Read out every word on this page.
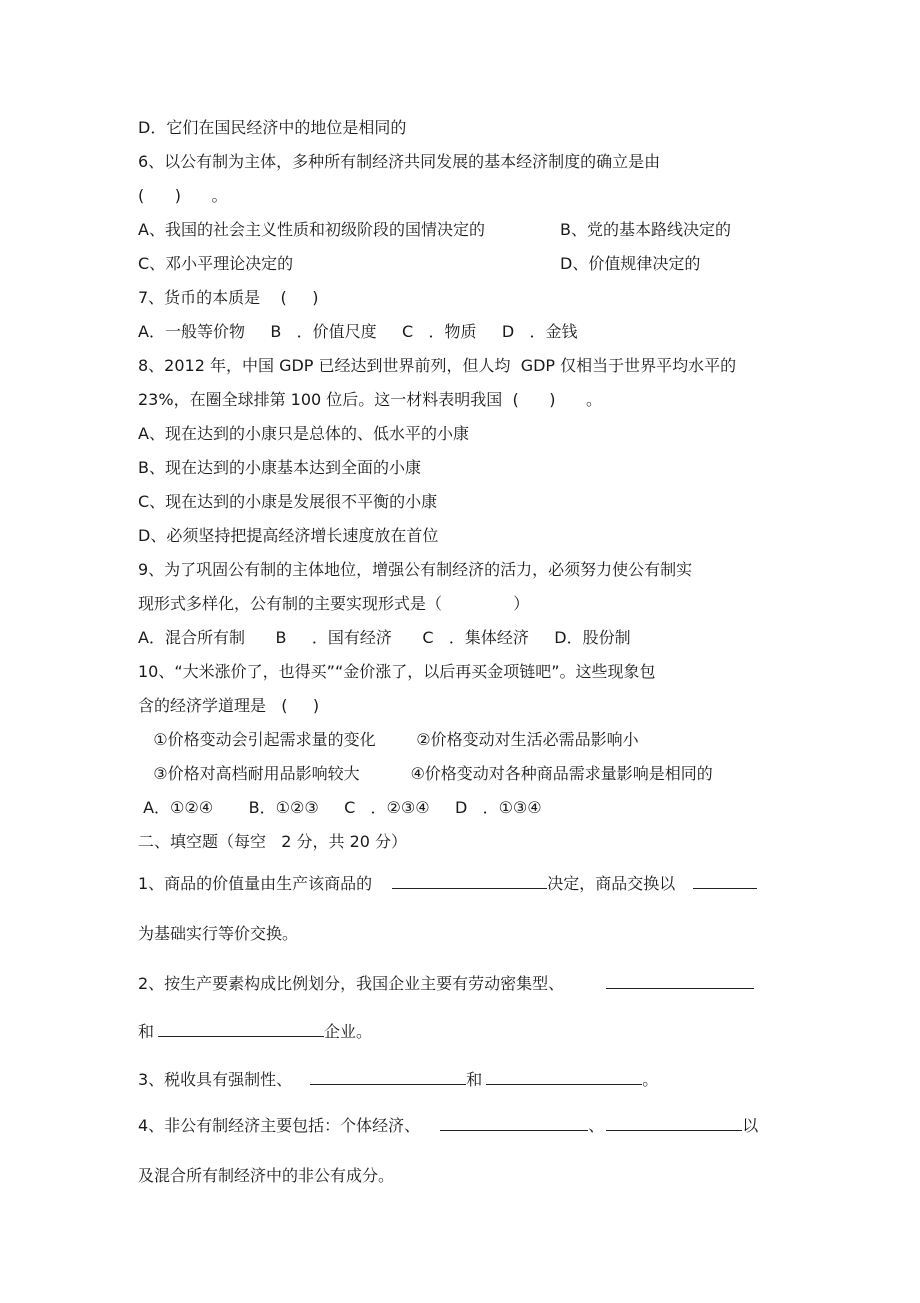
D．它们在国民经济中的地位是相同的
6、以公有制为主体，多种所有制经济共同发展的基本经济制度的确立是由
(      )      。
A、我国的社会主义性质和初级阶段的国情决定的	B、党的基本路线决定的
C、邓小平理论决定的	D、价值规律决定的
7、货币的本质是    (     )
A．一般等价物     B   ．价值尺度     C   ．物质     D   ．金钱
8、2012 年，中国 GDP 已经达到世界前列，但人均  GDP 仅相当于世界平均水平的
23%，在圈全球排第 100 位后。这一材料表明我国  (      )      。
A、现在达到的小康只是总体的、低水平的小康
B、现在达到的小康基本达到全面的小康
C、现在达到的小康是发展很不平衡的小康
D、必须坚持把提高经济增长速度放在首位
9、为了巩固公有制的主体地位，增强公有制经济的活力，必须努力使公有制实
现形式多样化，公有制的主要实现形式是（              ）
A．混合所有制      B     ．国有经济      C   ．集体经济     D．股份制
10、“大米涨价了，也得买”“金价涨了，以后再买金项链吧”。这些现象包
含的经济学道理是   (     )
①价格变动会引起需求量的变化        ②价格变动对生活必需品影响小
③价格对高档耐用品影响较大          ④价格变动对各种商品需求量影响是相同的
A．①②④       B．①②③     C   ．②③④     D   ．①③④
二、填空题（每空   2 分，共 20 分）
1、商品的价值量由生产该商品的	决定，商品交换以
为基础实行等价交换。
2、按生产要素构成比例划分，我国企业主要有劳动密集型、
和	企业。
3、税收具有强制性、	和	。
4、非公有制经济主要包括：个体经济、	、	以
及混合所有制经济中的非公有成分。
